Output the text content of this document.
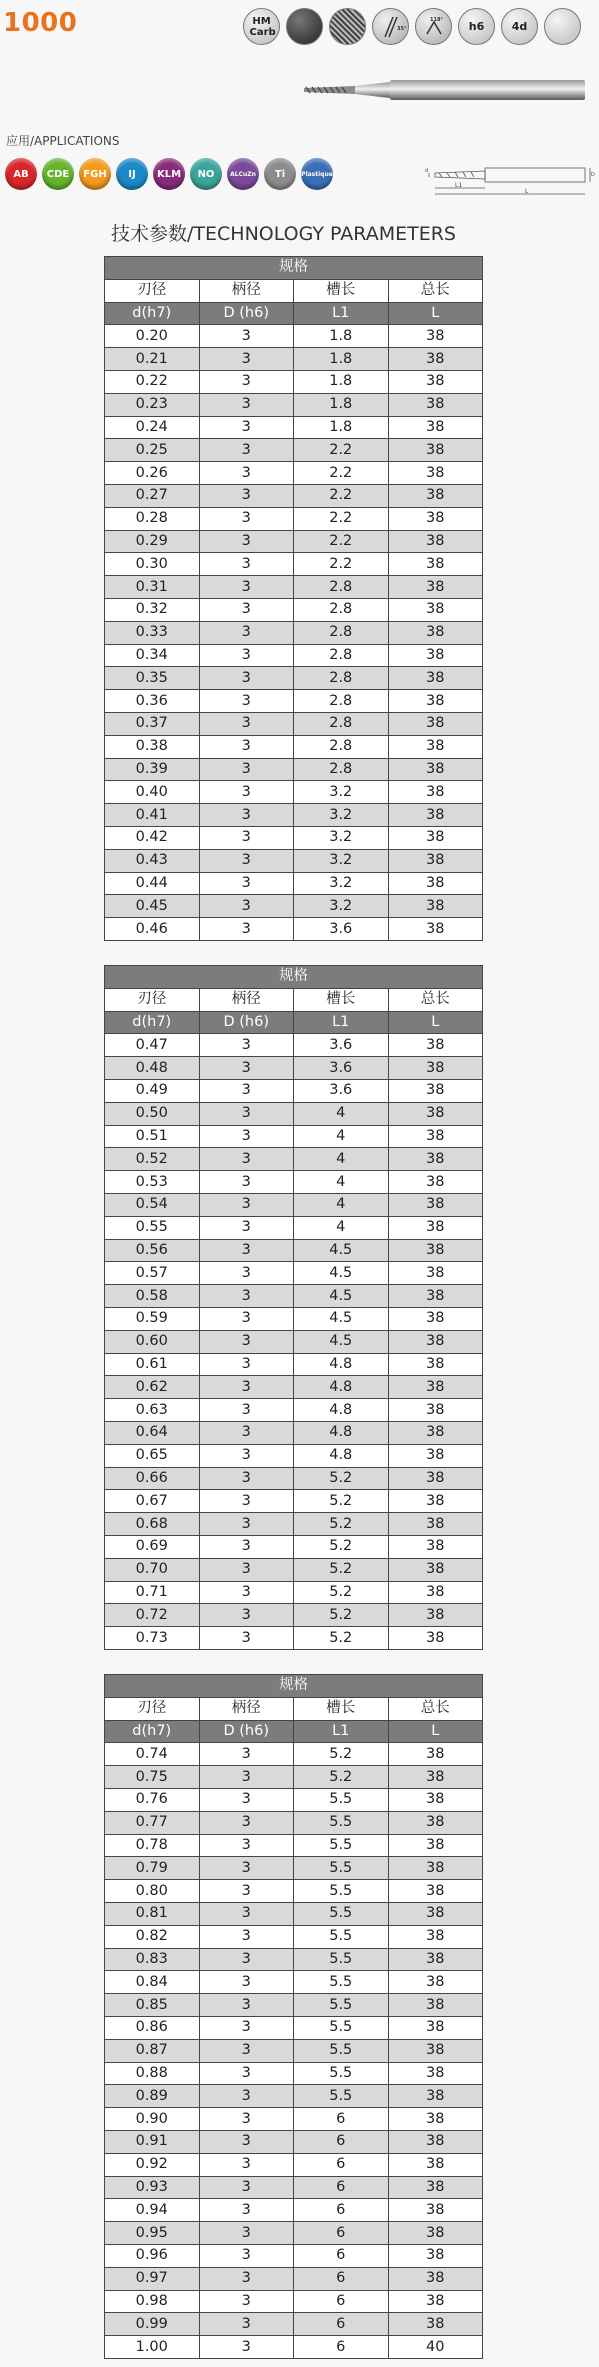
1000	HM Carb	35°
118°
h6	4d
应用/APPLICATIONS
AB	CDE	FGH	IJ	KLM	NO	ALCuZn	Ti	Plastique
L1
L
d
D
技术参数/TECHNOLOGY PARAMETERS
规格			
刃径	柄径	槽长	总长
d(h7)	D (h6)	L1	L
0.20	3	1.8	38
0.21	3	1.8	38
0.22	3	1.8	38
0.23	3	1.8	38
0.24	3	1.8	38
0.25	3	2.2	38
0.26	3	2.2	38
0.27	3	2.2	38
0.28	3	2.2	38
0.29	3	2.2	38
0.30	3	2.2	38
0.31	3	2.8	38
0.32	3	2.8	38
0.33	3	2.8	38
0.34	3	2.8	38
0.35	3	2.8	38
0.36	3	2.8	38
0.37	3	2.8	38
0.38	3	2.8	38
0.39	3	2.8	38
0.40	3	3.2	38
0.41	3	3.2	38
0.42	3	3.2	38
0.43	3	3.2	38
0.44	3	3.2	38
0.45	3	3.2	38
0.46	3	3.6	38
规格			
刃径	柄径	槽长	总长
d(h7)	D (h6)	L1	L
0.47	3	3.6	38
0.48	3	3.6	38
0.49	3	3.6	38
0.50	3	4	38
0.51	3	4	38
0.52	3	4	38
0.53	3	4	38
0.54	3	4	38
0.55	3	4	38
0.56	3	4.5	38
0.57	3	4.5	38
0.58	3	4.5	38
0.59	3	4.5	38
0.60	3	4.5	38
0.61	3	4.8	38
0.62	3	4.8	38
0.63	3	4.8	38
0.64	3	4.8	38
0.65	3	4.8	38
0.66	3	5.2	38
0.67	3	5.2	38
0.68	3	5.2	38
0.69	3	5.2	38
0.70	3	5.2	38
0.71	3	5.2	38
0.72	3	5.2	38
0.73	3	5.2	38
规格			
刃径	柄径	槽长	总长
d(h7)	D (h6)	L1	L
0.74	3	5.2	38
0.75	3	5.2	38
0.76	3	5.5	38
0.77	3	5.5	38
0.78	3	5.5	38
0.79	3	5.5	38
0.80	3	5.5	38
0.81	3	5.5	38
0.82	3	5.5	38
0.83	3	5.5	38
0.84	3	5.5	38
0.85	3	5.5	38
0.86	3	5.5	38
0.87	3	5.5	38
0.88	3	5.5	38
0.89	3	5.5	38
0.90	3	6	38
0.91	3	6	38
0.92	3	6	38
0.93	3	6	38
0.94	3	6	38
0.95	3	6	38
0.96	3	6	38
0.97	3	6	38
0.98	3	6	38
0.99	3	6	38
1.00	3	6	40
